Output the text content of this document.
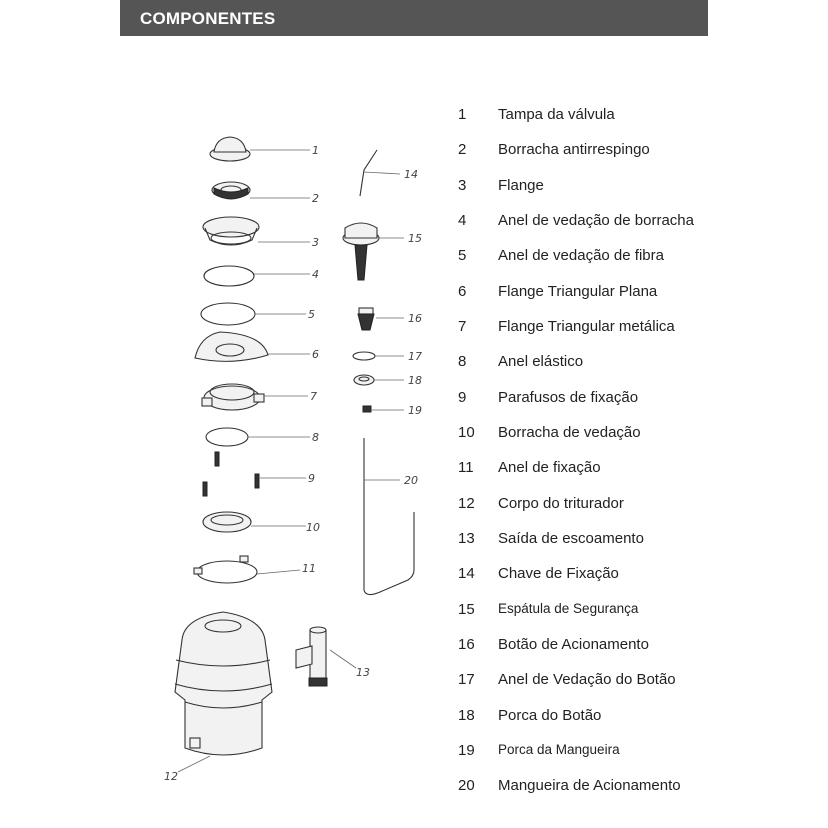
COMPONENTES
1
2
3
4
5
6
7
8
9
10
11
12
13
14
15
16
17
18
19
20
1	Tampa da válvula
2	Borracha antirrespingo
3	Flange
4	Anel de vedação de borracha
5	Anel de vedação de fibra
6	Flange Triangular Plana
7	Flange Triangular metálica
8	Anel elástico
9	Parafusos de fixação
10	Borracha de vedação
11	Anel de fixação
12	Corpo do triturador
13	Saída de escoamento
14	Chave de Fixação
15	Espátula de Segurança
16	Botão de Acionamento
17	Anel de Vedação do Botão
18	Porca do Botão
19	Porca da Mangueira
20	Mangueira de Acionamento
